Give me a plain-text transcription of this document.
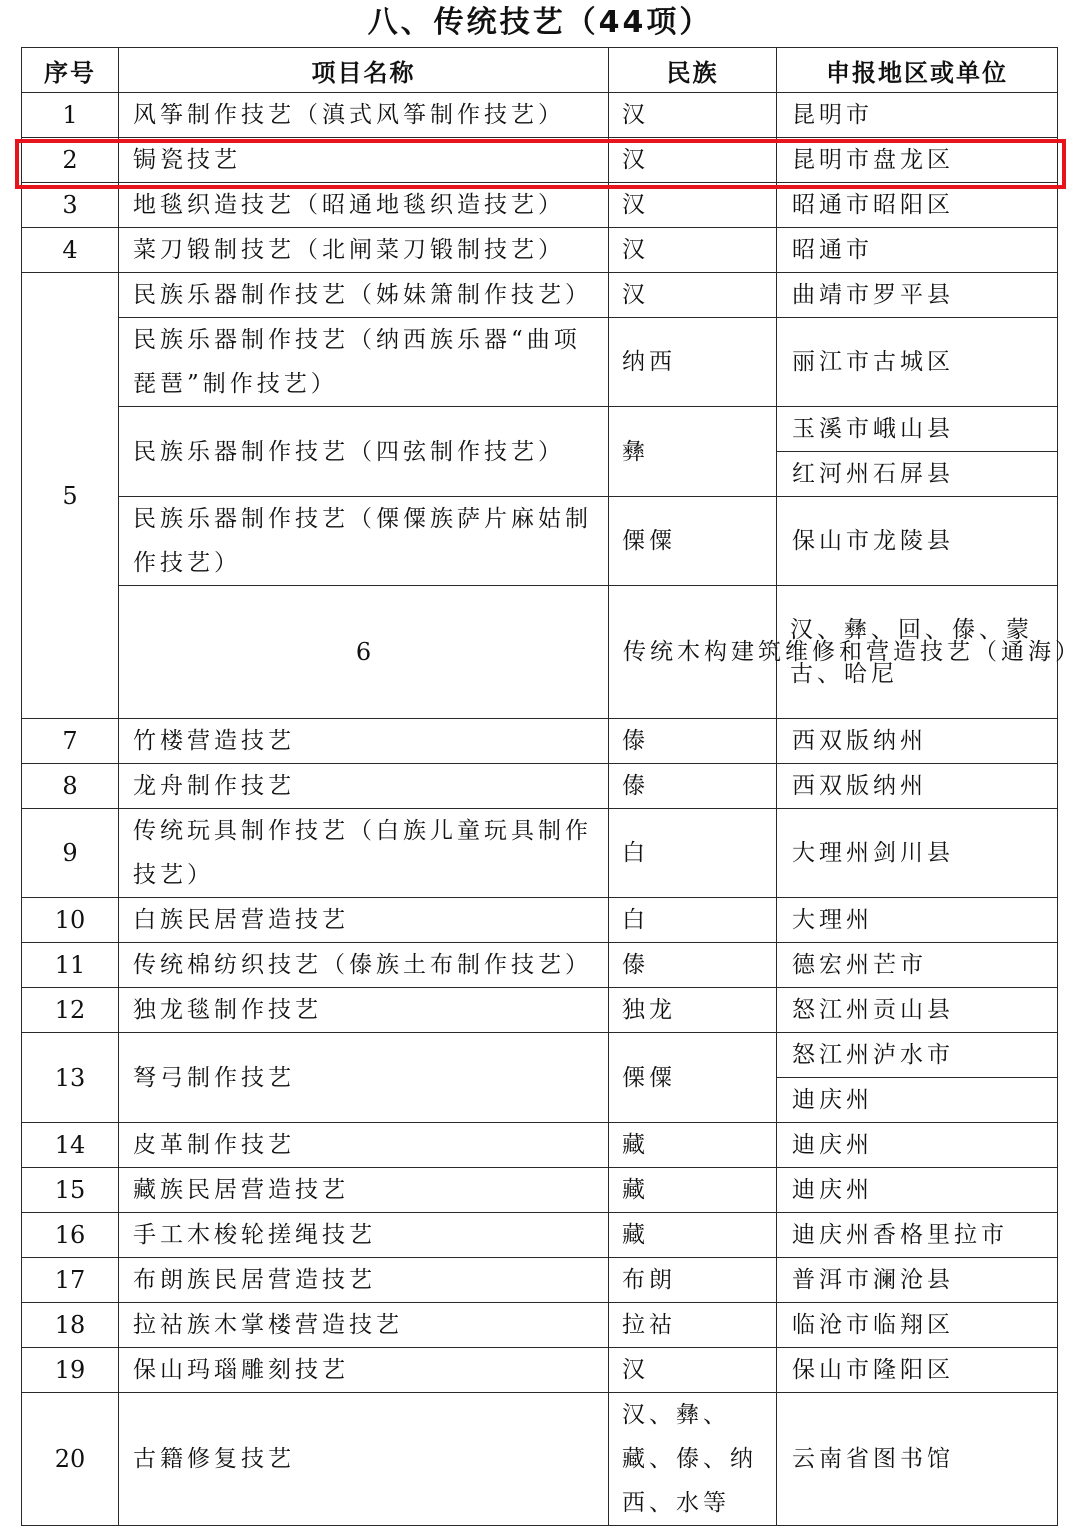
八、传统技艺（44项）
序号	项目名称	民族	申报地区或单位	
1	风筝制作技艺（滇式风筝制作技艺）	汉	昆明市	
2	锔瓷技艺	汉	昆明市盘龙区	
3	地毯织造技艺（昭通地毯织造技艺）	汉	昭通市昭阳区	
4	菜刀锻制技艺（北闸菜刀锻制技艺）	汉	昭通市	
5	民族乐器制作技艺（姊妹箫制作技艺）	汉	曲靖市罗平县	
	民族乐器制作技艺（纳西族乐器“曲项琵琶”制作技艺）	纳西	丽江市古城区	
	民族乐器制作技艺（四弦制作技艺）	彝	玉溪市峨山县	
			红河州石屏县	
	民族乐器制作技艺（傈僳族萨片麻姑制作技艺）	傈僳	保山市龙陵县	
	6	传统木构建筑维修和营造技艺（通海）	汉、彝、回、傣、蒙古、哈尼	
7	竹楼营造技艺	傣	西双版纳州	
8	龙舟制作技艺	傣	西双版纳州	
9	传统玩具制作技艺（白族儿童玩具制作技艺）	白	大理州剑川县	
10	白族民居营造技艺	白	大理州	
11	传统棉纺织技艺（傣族土布制作技艺）	傣	德宏州芒市	
12	独龙毯制作技艺	独龙	怒江州贡山县	
13	弩弓制作技艺	傈僳	怒江州泸水市	
			迪庆州	
14	皮革制作技艺	藏	迪庆州	
15	藏族民居营造技艺	藏	迪庆州	
16	手工木梭轮搓绳技艺	藏	迪庆州香格里拉市	
17	布朗族民居营造技艺	布朗	普洱市澜沧县	
18	拉祜族木掌楼营造技艺	拉祜	临沧市临翔区	
19	保山玛瑙雕刻技艺	汉	保山市隆阳区	
20	古籍修复技艺	汉、彝、藏、傣、纳西、水等	云南省图书馆	
